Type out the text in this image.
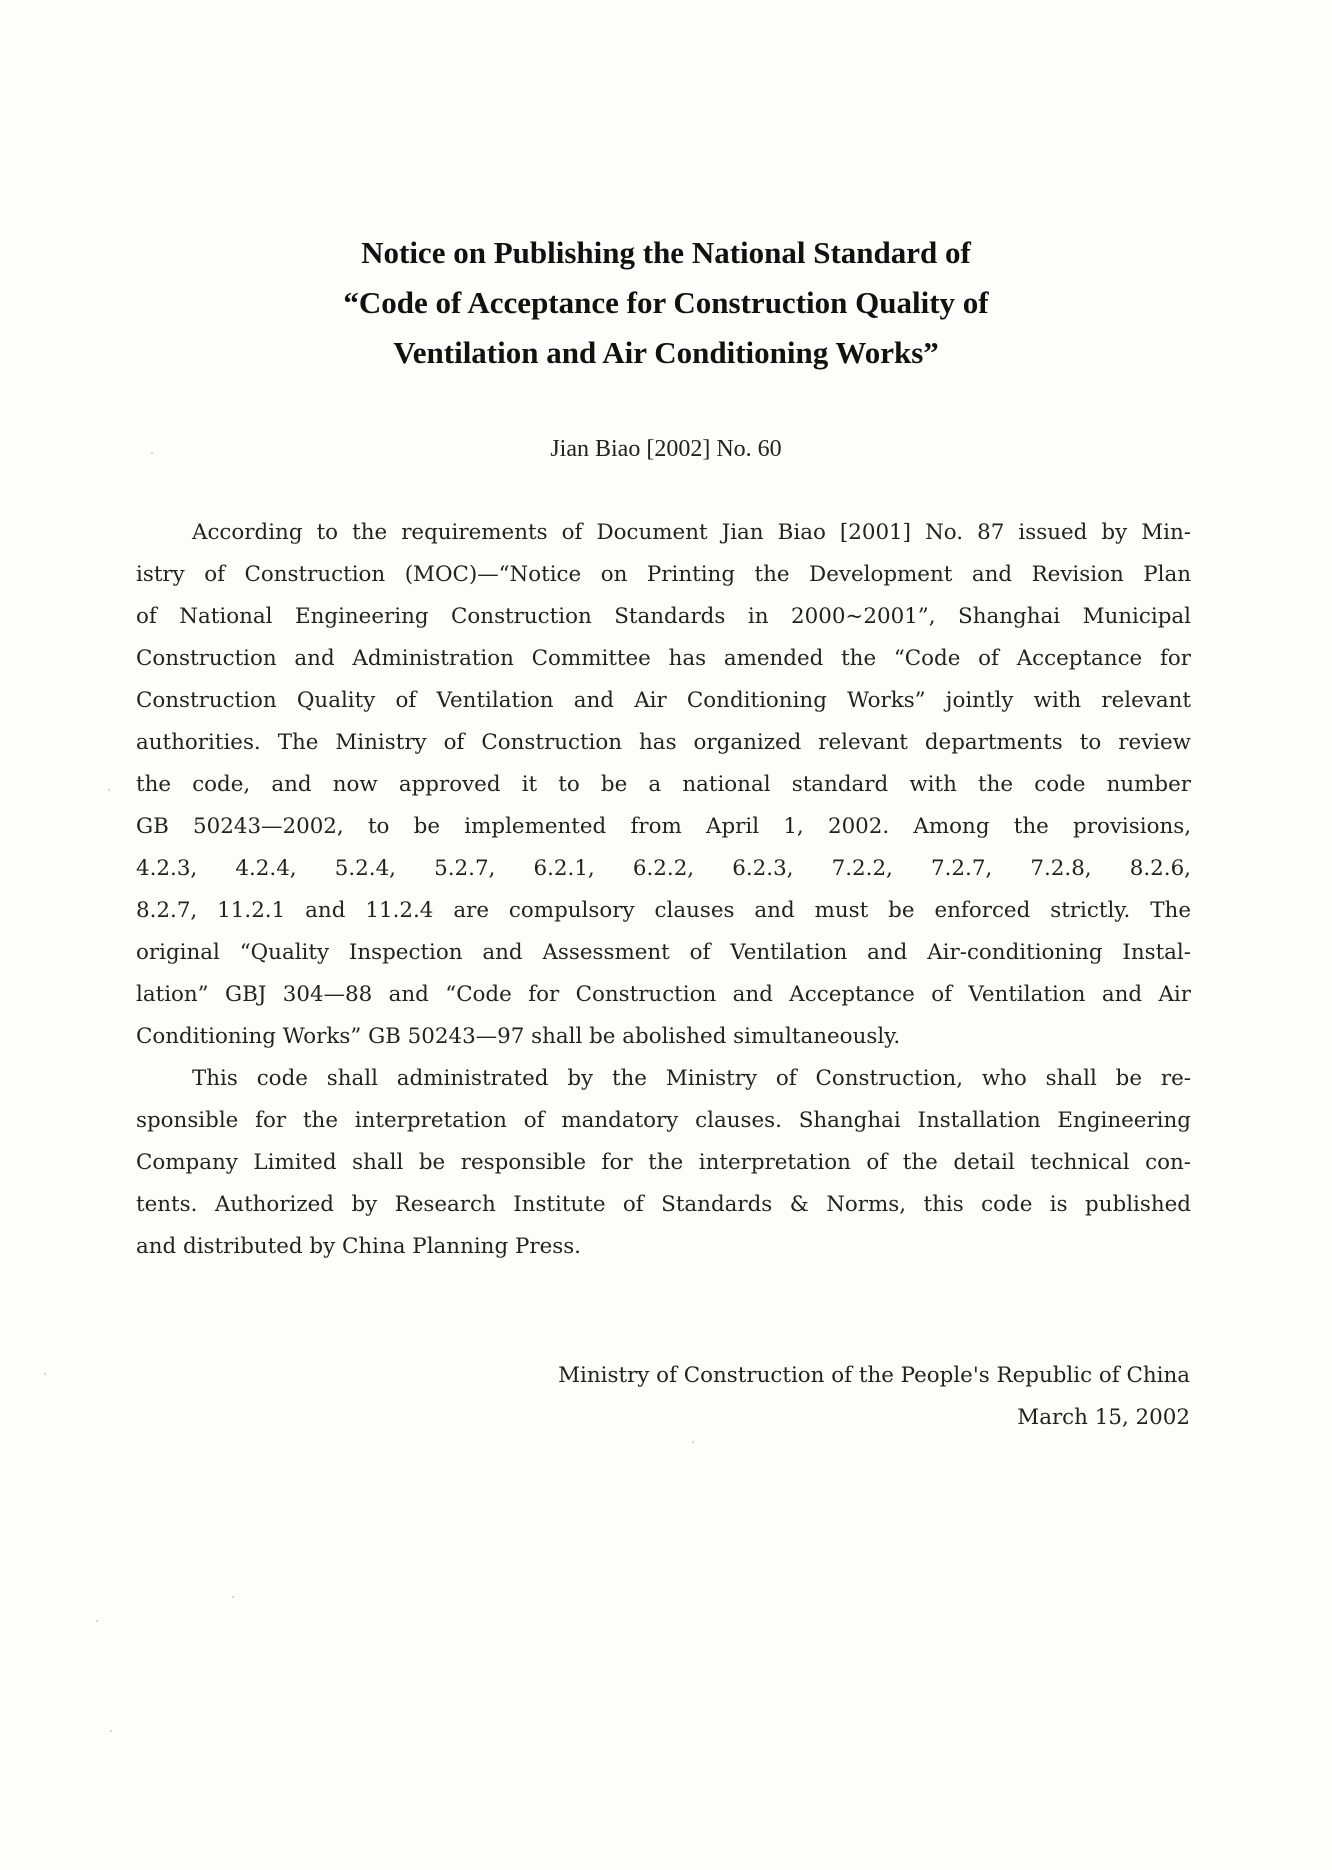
Notice on Publishing the National Standard of
“Code of Acceptance for Construction Quality of
Ventilation and Air Conditioning Works”
Jian Biao [2002] No. 60
According to the requirements of Document Jian Biao [2001] No. 87 issued by Min-
istry of Construction (MOC)—“Notice on Printing the Development and Revision Plan
of National Engineering Construction Standards in 2000~2001”, Shanghai Municipal
Construction and Administration Committee has amended the “Code of Acceptance for
Construction Quality of Ventilation and Air Conditioning Works” jointly with relevant
authorities. The Ministry of Construction has organized relevant departments to review
the code, and now approved it to be a national standard with the code number
GB 50243—2002, to be implemented from April 1, 2002. Among the provisions,
4.2.3, 4.2.4, 5.2.4, 5.2.7, 6.2.1, 6.2.2, 6.2.3, 7.2.2, 7.2.7, 7.2.8, 8.2.6,
8.2.7, 11.2.1 and 11.2.4 are compulsory clauses and must be enforced strictly. The
original “Quality Inspection and Assessment of Ventilation and Air-conditioning Instal-
lation” GBJ 304—88 and “Code for Construction and Acceptance of Ventilation and Air
Conditioning Works” GB 50243—97 shall be abolished simultaneously.
This code shall administrated by the Ministry of Construction, who shall be re-
sponsible for the interpretation of mandatory clauses. Shanghai Installation Engineering
Company Limited shall be responsible for the interpretation of the detail technical con-
tents. Authorized by Research Institute of Standards & Norms, this code is published
and distributed by China Planning Press.
Ministry of Construction of the People's Republic of China
March 15, 2002
